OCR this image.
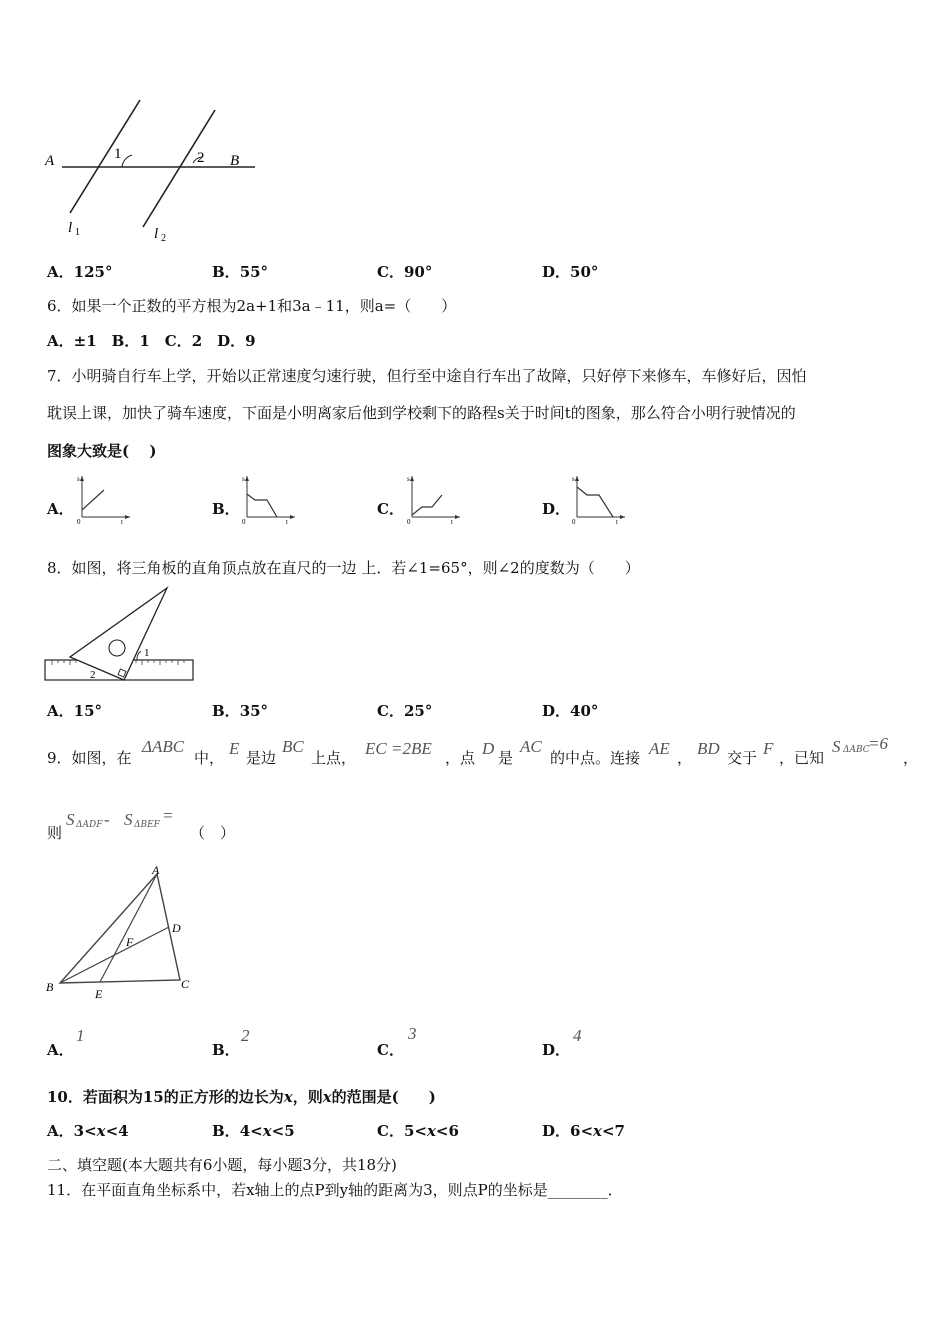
A	1	2 B
l 1	l 2
A．125°	B．55°	C．90°	D．50°
6．如果一个正数的平方根为2a+1和3a﹣11，则a=（　　）
A．±1　B．1　C．2　D．9
7．小明骑自行车上学，开始以正常速度匀速行驶，但行至中途自行车出了故障，只好停下来修车，车修好后，因怕
耽误上课，加快了骑车速度，下面是小明离家后他到学校剩下的路程s关于时间t的图象，那么符合小明行驶情况的
图象大致是(　 )
A．
s
0	t
B．
s
0	t
C．
s
0	t
D．
s
0	t
8．如图，将三角板的直角顶点放在直尺的一边 上．若∠1=65°，则∠2的度数为（　　）
1
2
A．15°	B．35°	C．25°	D．40°
9．如图，在
ΔABC
中， E 是边
BC
上点， EC =2BE ，点 D 是
AC
的中点。连接 AE ， BD 交于 F ，已知
S ΔABC
=6
，
则
S ΔADF - S ΔBEF =
（　）
A
B	C
D
E
F
A．
1
B．
2
C．
3
D．
4
10．若面积为15的正方形的边长为x，则x的范围是(　　)
A．3<x<4	B．4<x<5	C．5<x<6	D．6<x<7
二、填空题(本大题共有6小题，每小题3分，共18分)
11．在平面直角坐标系中，若x轴上的点P到y轴的距离为3，则点P的坐标是________．
